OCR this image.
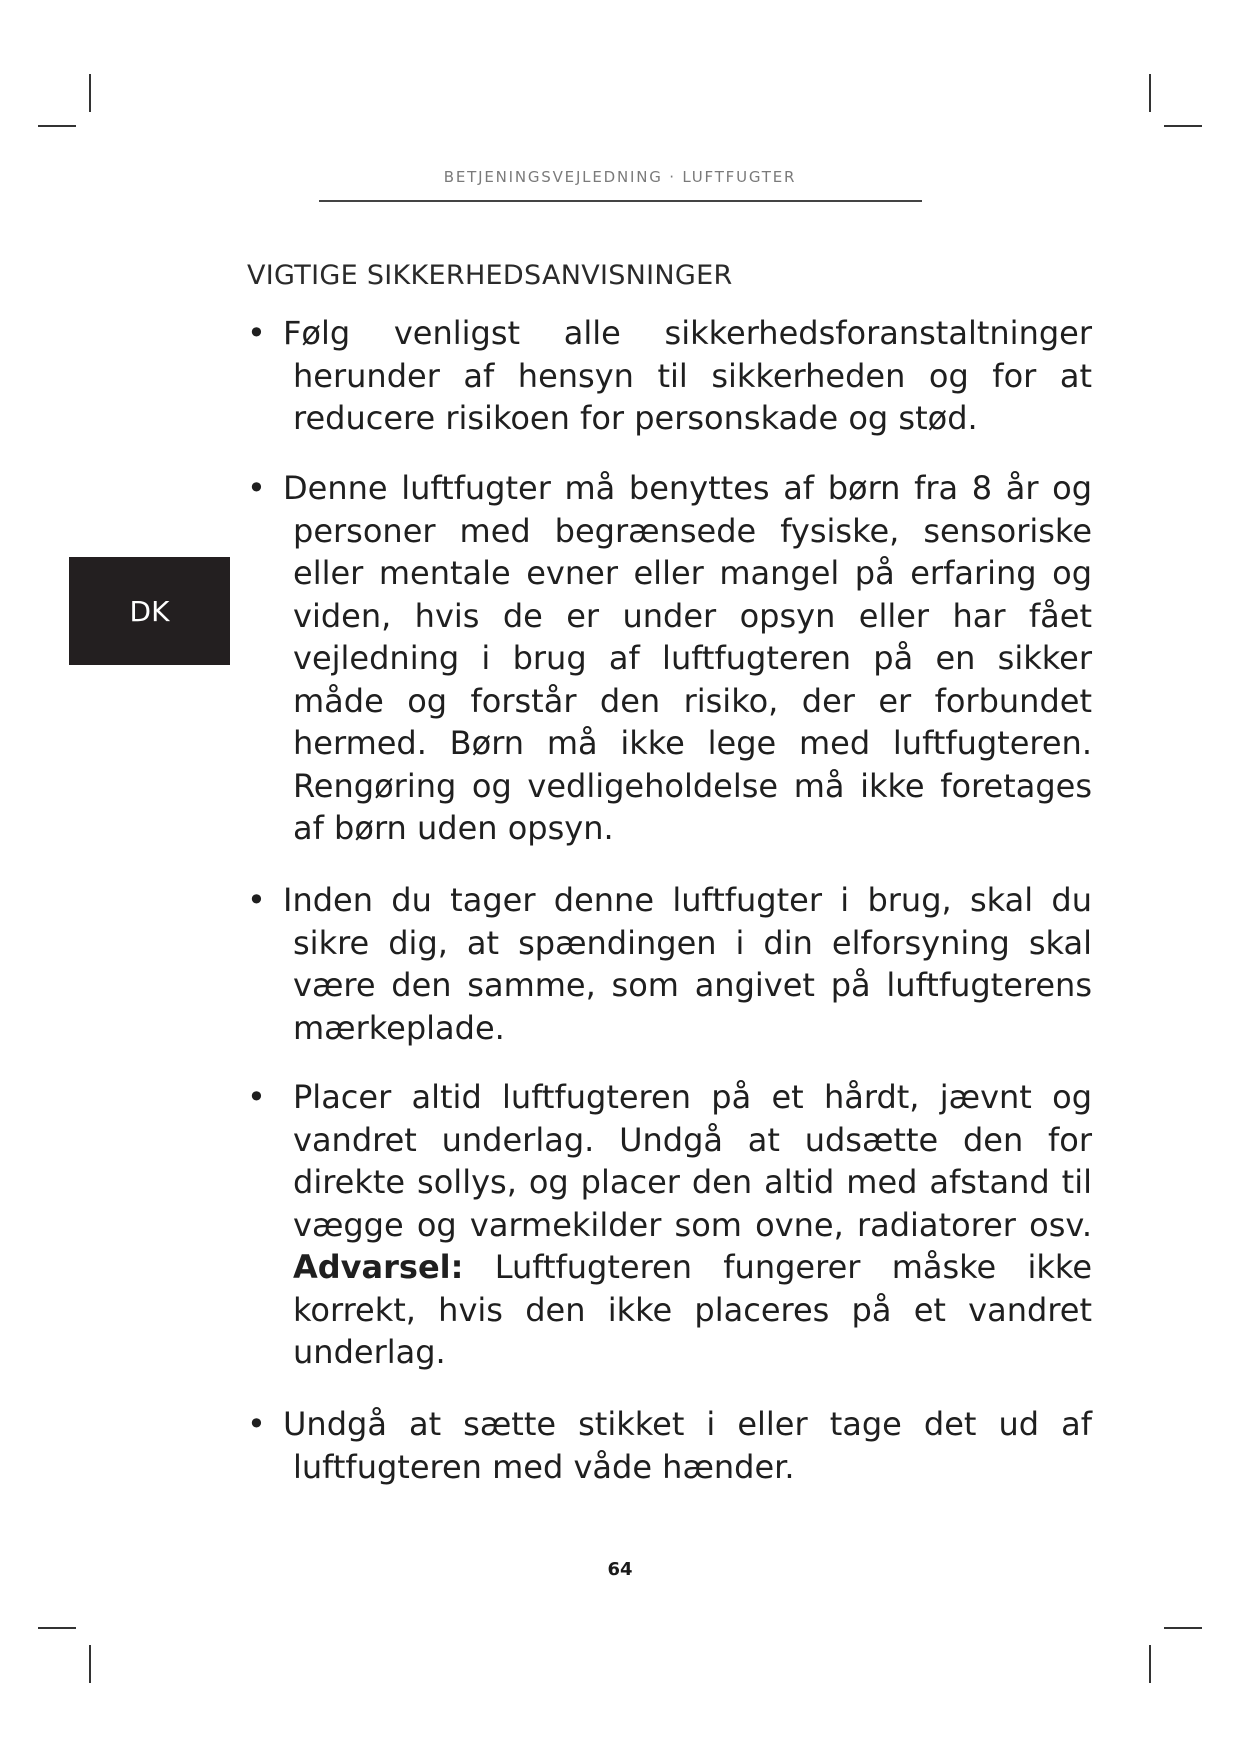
BETJENINGSVEJLEDNING · LUFTFUGTER
DK
VIGTIGE SIKKERHEDSANVISNINGER
• Følg venligst alle sikkerhedsforanstaltninger herunder af hensyn til sikkerheden og for at reducere risikoen for personskade og stød.
• Denne luftfugter må benyttes af børn fra 8 år og personer med begrænsede fysiske, sensoriske eller mentale evner eller mangel på erfaring og viden, hvis de er under opsyn eller har fået vejledning i brug af luftfugteren på en sikker måde og forstår den risiko, der er forbundet hermed. Børn må ikke lege med luftfugteren. Rengøring og vedligeholdelse må ikke foretages af børn uden opsyn.
• Inden du tager denne luftfugter i brug, skal du sikre dig, at spændingen i din elforsyning skal være den samme, som angivet på luftfugterens mærkeplade.
• Placer altid luftfugteren på et hårdt, jævnt og vandret underlag. Undgå at udsætte den for direkte sollys, og placer den altid med afstand til vægge og varmekilder som ovne, radiatorer osv. Advarsel: Luftfugteren fungerer måske ikke korrekt, hvis den ikke placeres på et vandret underlag.
• Undgå at sætte stikket i eller tage det ud af luftfugteren med våde hænder.
64
